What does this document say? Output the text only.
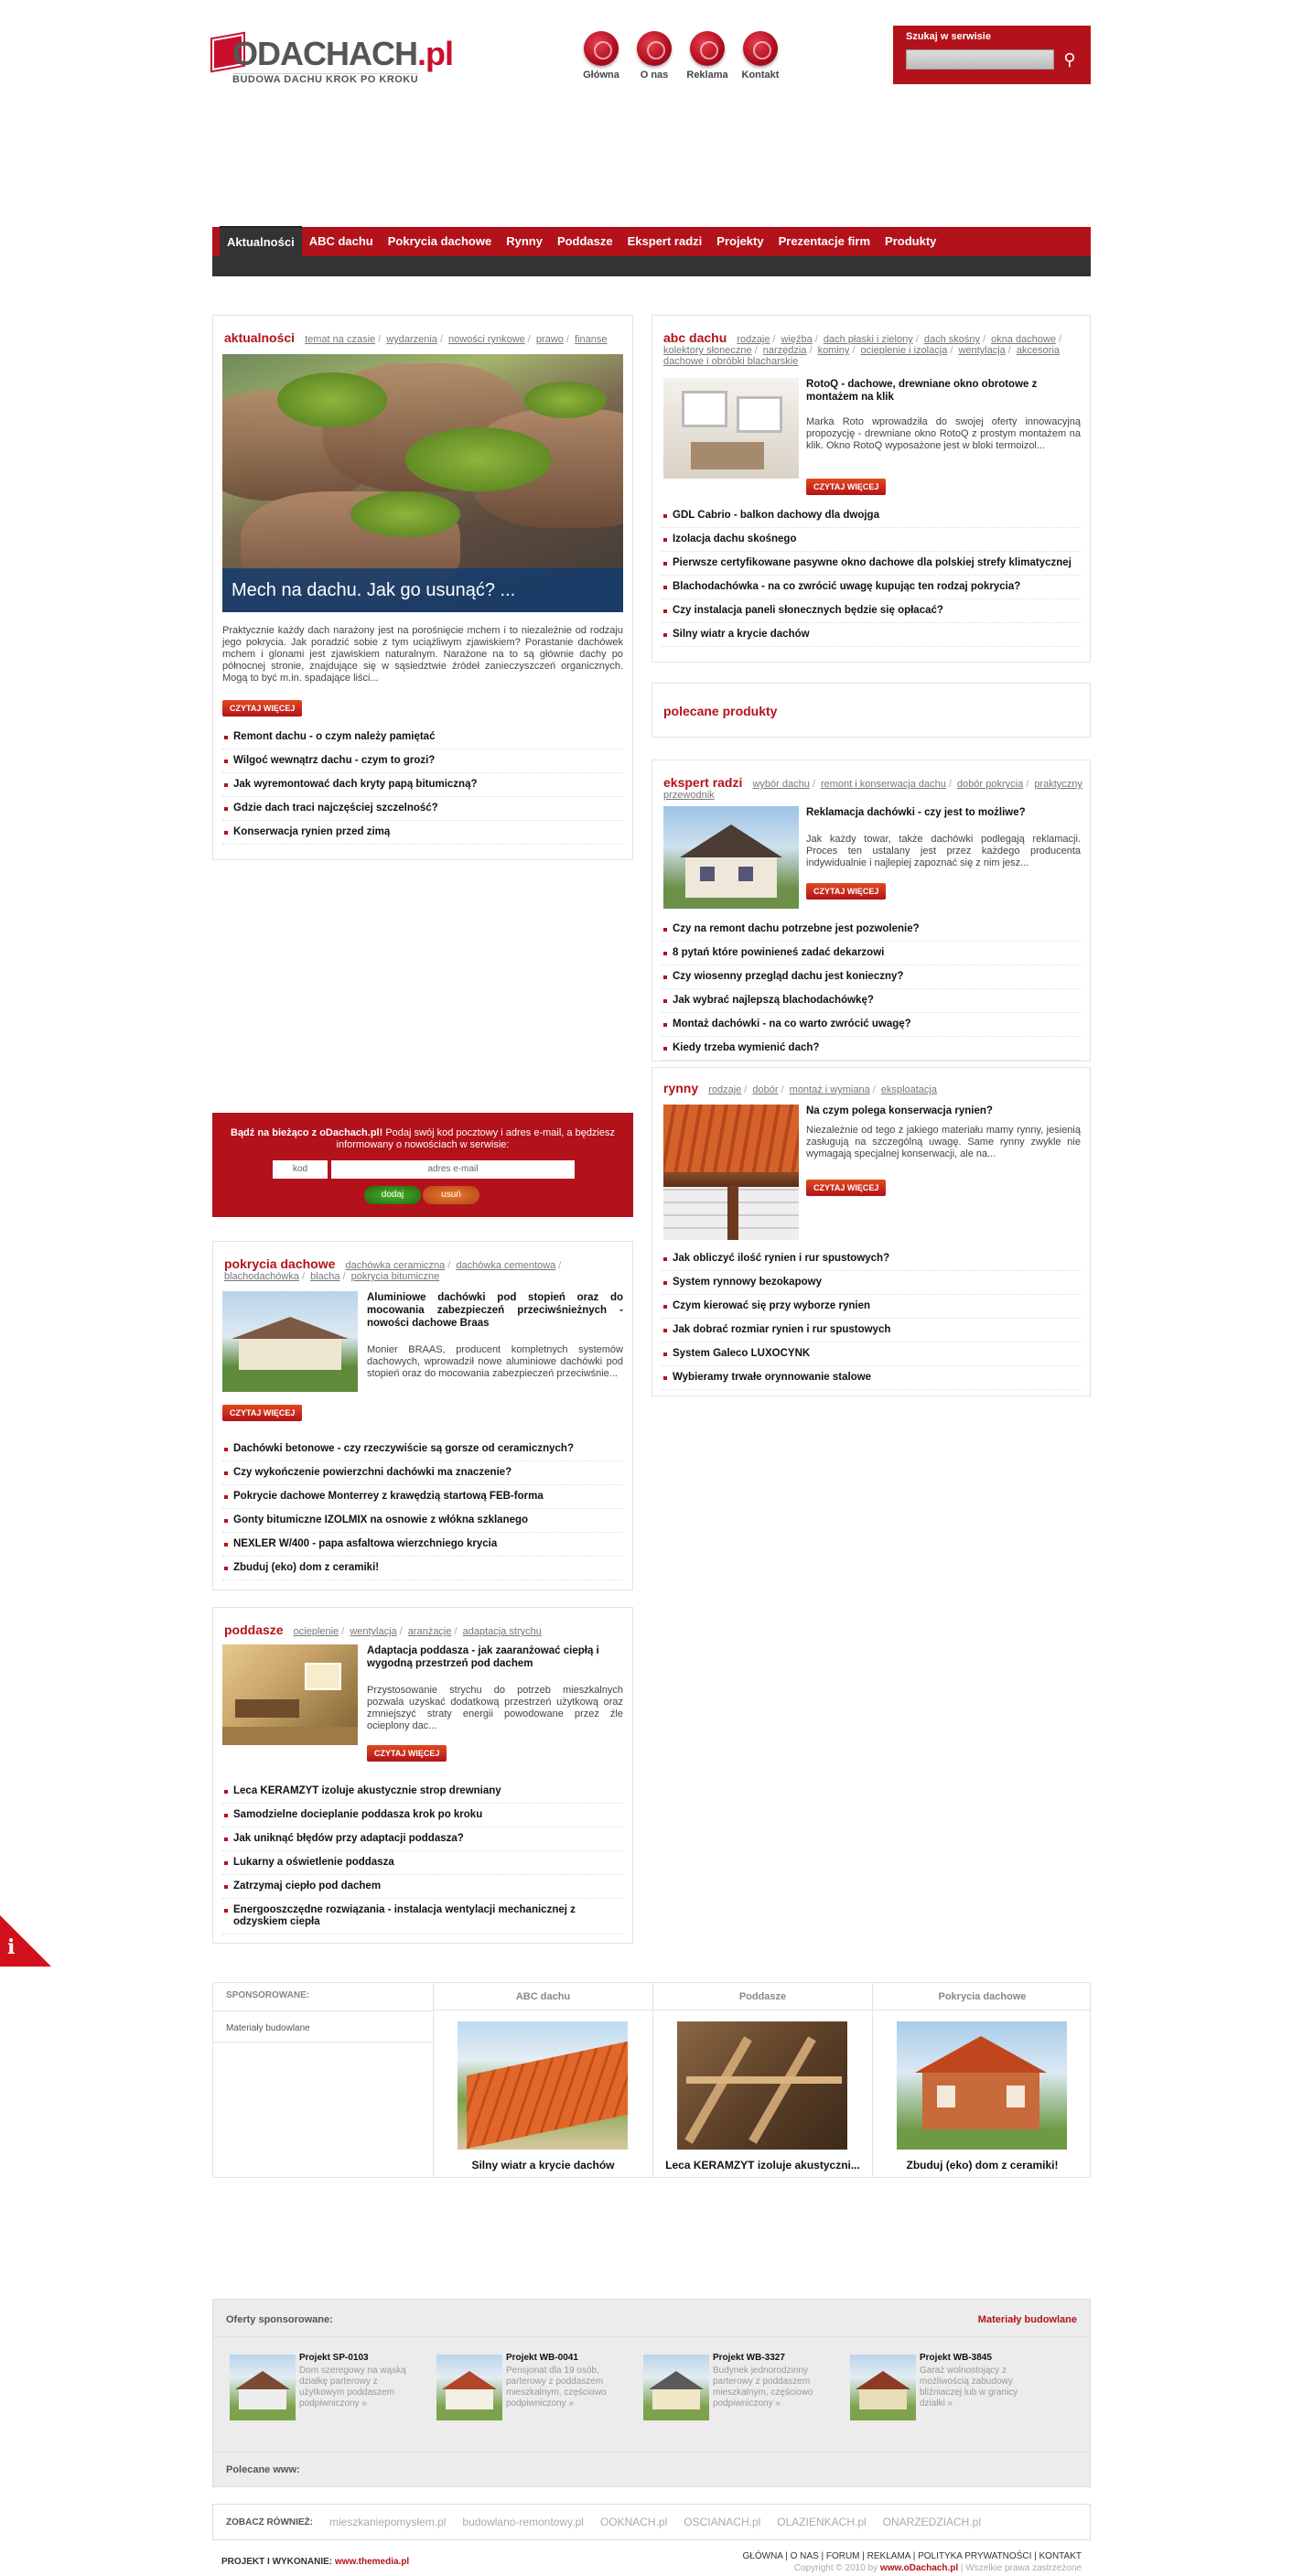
ODACHACH.pl
BUDOWA DACHU KROK PO KROKU	Główna O nas Reklama Kontakt
Szukaj w serwisie
⚲
Aktualności	ABC dachu	Pokrycia dachowe	Rynny	Poddasze	Ekspert radzi	Projekty	Prezentacje firm	Produkty
aktualności temat na czasie / wydarzenia / nowości rynkowe / prawo / finanse
Mech na dachu. Jak go usunąć? ...
Praktycznie każdy dach narażony jest na porośnięcie mchem i to niezależnie od rodzaju jego pokrycia. Jak poradzić sobie z tym uciążliwym zjawiskiem? Porastanie dachówek mchem i glonami jest zjawiskiem naturalnym. Narażone na to są głównie dachy po północnej stronie, znajdujące się w sąsiedztwie źródeł zanieczyszczeń organicznych. Mogą to być m.in. spadające liści...
CZYTAJ WIĘCEJ
Remont dachu - o czym należy pamiętać
Wilgoć wewnątrz dachu - czym to grozi?
Jak wyremontować dach kryty papą bitumiczną?
Gdzie dach traci najczęściej szczelność?
Konserwacja rynien przed zimą
abc dachu rodzaje / więźba / dach płaski i zielony / dach skośny / okna dachowe / kolektory słoneczne / narzędzia / kominy / ocieplenie i izolacja / wentylacja / akcesoria dachowe i obróbki blacharskie
RotoQ - dachowe, drewniane okno obrotowe z montażem na klik
Marka Roto wprowadziła do swojej oferty innowacyjną propozycję - drewniane okno RotoQ z prostym montażem na klik. Okno RotoQ wyposażone jest w bloki termoizol...
CZYTAJ WIĘCEJ
GDL Cabrio - balkon dachowy dla dwojga
Izolacja dachu skośnego
Pierwsze certyfikowane pasywne okno dachowe dla polskiej strefy klimatycznej
Blachodachówka - na co zwrócić uwagę kupując ten rodzaj pokrycia?
Czy instalacja paneli słonecznych będzie się opłacać?
Silny wiatr a krycie dachów
polecane produkty
ekspert radzi wybór dachu / remont i konserwacja dachu / dobór pokrycia / praktyczny przewodnik
Reklamacja dachówki - czy jest to możliwe?
Jak każdy towar, także dachówki podlegają reklamacji. Proces ten ustalany jest przez każdego producenta indywidualnie i najlepiej zapoznać się z nim jesz...
CZYTAJ WIĘCEJ
Czy na remont dachu potrzebne jest pozwolenie?
8 pytań które powinieneś zadać dekarzowi
Czy wiosenny przegląd dachu jest konieczny?
Jak wybrać najlepszą blachodachówkę?
Montaż dachówki - na co warto zwrócić uwagę?
Kiedy trzeba wymienić dach?
rynny rodzaje / dobór / montaż i wymiana / eksploatacja
Na czym polega konserwacja rynien?
Niezależnie od tego z jakiego materiału mamy rynny, jesienią zasługują na szczególną uwagę. Same rynny zwykle nie wymagają specjalnej konserwacji, ale na...
CZYTAJ WIĘCEJ
Jak obliczyć ilość rynien i rur spustowych?
System rynnowy bezokapowy
Czym kierować się przy wyborze rynien
Jak dobrać rozmiar rynien i rur spustowych
System Galeco LUXOCYNK
Wybieramy trwałe orynnowanie stalowe
Bądź na bieżąco z oDachach.pl! Podaj swój kod pocztowy i adres e-mail, a będziesz informowany o nowościach w serwisie:
kod	adres e-mail
dodaj	usuń
pokrycia dachowe dachówka ceramiczna / dachówka cementowa / blachodachówka / blacha / pokrycia bitumiczne
Aluminiowe dachówki pod stopień oraz do mocowania zabezpieczeń przeciwśnieżnych - nowości dachowe Braas
Monier BRAAS, producent kompletnych systemów dachowych, wprowadził nowe aluminiowe dachówki pod stopień oraz do mocowania zabezpieczeń przeciwśnie...
CZYTAJ WIĘCEJ
Dachówki betonowe - czy rzeczywiście są gorsze od ceramicznych?
Czy wykończenie powierzchni dachówki ma znaczenie?
Pokrycie dachowe Monterrey z krawędzią startową FEB-forma
Gonty bitumiczne IZOLMIX na osnowie z włókna szklanego
NEXLER W/400 - papa asfaltowa wierzchniego krycia
Zbuduj (eko) dom z ceramiki!
poddasze ocieplenie / wentylacja / aranżacje / adaptacja strychu
Adaptacja poddasza - jak zaaranżować ciepłą i wygodną przestrzeń pod dachem
Przystosowanie strychu do potrzeb mieszkalnych pozwala uzyskać dodatkową przestrzeń użytkową oraz zmniejszyć straty energii powodowane przez źle ocieplony dac...
CZYTAJ WIĘCEJ
Leca KERAMZYT izoluje akustycznie strop drewniany
Samodzielne docieplanie poddasza krok po kroku
Jak uniknąć błędów przy adaptacji poddasza?
Lukarny a oświetlenie poddasza
Zatrzymaj ciepło pod dachem
Energooszczędne rozwiązania - instalacja wentylacji mechanicznej z odzyskiem ciepła
i
SPONSOROWANE:
Materiały budowlane
ABC dachu
Silny wiatr a krycie dachów
Poddasze
Leca KERAMZYT izoluje akustyczni...
Pokrycia dachowe
Zbuduj (eko) dom z ceramiki!
Oferty sponsorowane:	Materiały budowlane
Projekt SP-0103
Dom szeregowy na wąską działkę parterowy z użytkowym poddaszem podpiwniczony »
Projekt WB-0041
Pensjonat dla 19 osób, parterowy z poddaszem mieszkalnym, częściowo podpiwniczony »
Projekt WB-3327
Budynek jednorodzinny parterowy z poddaszem mieszkalnym, częściowo podpiwniczony »
Projekt WB-3845
Garaż wolnostojący z możliwością zabudowy bliźniaczej lub w granicy działki »
Polecane www:
ZOBACZ RÓWNIEŻ: mieszkaniepomysłem.pl budowlano-remontowy.pl OOKNACH.pl OSCIANACH.pl OLAZIENKACH.pl ONARZEDZIACH.pl
PROJEKT I WYKONANIE: www.themedia.pl
GŁÓWNA | O NAS | FORUM | REKLAMA | POLITYKA PRYWATNOŚCI | KONTAKT
Copyright © 2010 by www.oDachach.pl | Wszelkie prawa zastrzeżone
